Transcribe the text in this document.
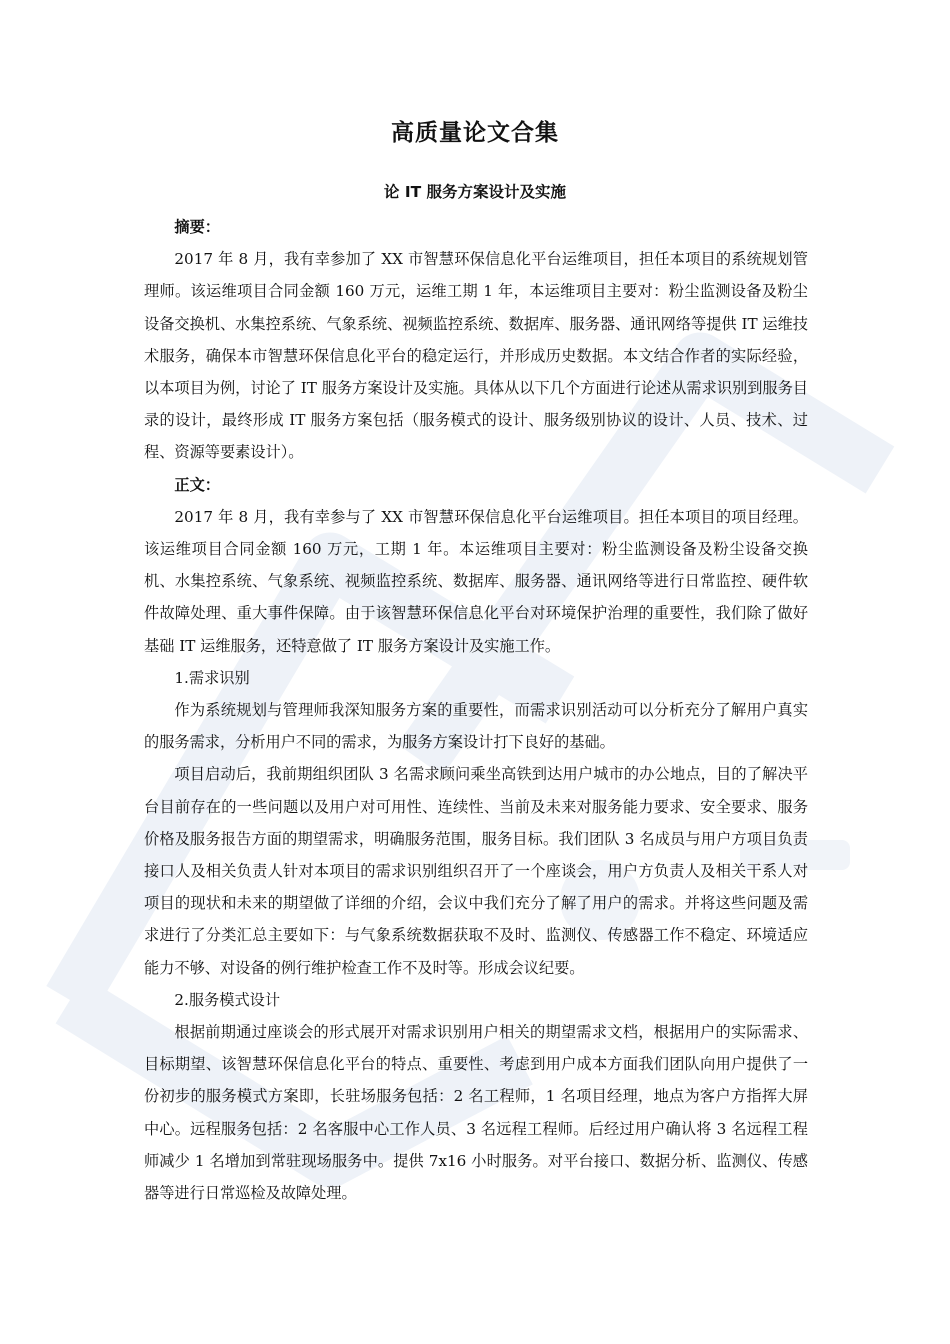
高质量论文合集
论 IT 服务方案设计及实施

摘要：

2017 年 8 月，我有幸参加了 XX 市智慧环保信息化平台运维项目，担任本项目的系统规划管理师。该运维项目合同金额 160 万元，运维工期 1 年，本运维项目主要对：粉尘监测设备及粉尘设备交换机、水集控系统、气象系统、视频监控系统、数据库、服务器、通讯网络等提供 IT 运维技术服务，确保本市智慧环保信息化平台的稳定运行，并形成历史数据。本文结合作者的实际经验，以本项目为例，讨论了 IT 服务方案设计及实施。具体从以下几个方面进行论述从需求识别到服务目录的设计，最终形成 IT 服务方案包括（服务模式的设计、服务级别协议的设计、人员、技术、过程、资源等要素设计）。

正文：

2017 年 8 月，我有幸参与了 XX 市智慧环保信息化平台运维项目。担任本项目的项目经理。该运维项目合同金额 160 万元，工期 1 年。本运维项目主要对：粉尘监测设备及粉尘设备交换机、水集控系统、气象系统、视频监控系统、数据库、服务器、通讯网络等进行日常监控、硬件软件故障处理、重大事件保障。由于该智慧环保信息化平台对环境保护治理的重要性，我们除了做好基础 IT 运维服务，还特意做了 IT 服务方案设计及实施工作。

1.需求识别

作为系统规划与管理师我深知服务方案的重要性，而需求识别活动可以分析充分了解用户真实的服务需求，分析用户不同的需求，为服务方案设计打下良好的基础。

项目启动后，我前期组织团队 3 名需求顾问乘坐高铁到达用户城市的办公地点，目的了解决平台目前存在的一些问题以及用户对可用性、连续性、当前及未来对服务能力要求、安全要求、服务价格及服务报告方面的期望需求，明确服务范围，服务目标。我们团队 3 名成员与用户方项目负责接口人及相关负责人针对本项目的需求识别组织召开了一个座谈会，用户方负责人及相关干系人对项目的现状和未来的期望做了详细的介绍，会议中我们充分了解了用户的需求。并将这些问题及需求进行了分类汇总主要如下：与气象系统数据获取不及时、监测仪、传感器工作不稳定、环境适应能力不够、对设备的例行维护检查工作不及时等。形成会议纪要。

2.服务模式设计

根据前期通过座谈会的形式展开对需求识别用户相关的期望需求文档，根据用户的实际需求、目标期望、该智慧环保信息化平台的特点、重要性、考虑到用户成本方面我们团队向用户提供了一份初步的服务模式方案即，长驻场服务包括：2 名工程师，1 名项目经理，地点为客户方指挥大屏中心。远程服务包括：2 名客服中心工作人员、3 名远程工程师。后经过用户确认将 3 名远程工程师减少 1 名增加到常驻现场服务中。提供 7x16 小时服务。对平台接口、数据分析、监测仪、传感器等进行日常巡检及故障处理。
